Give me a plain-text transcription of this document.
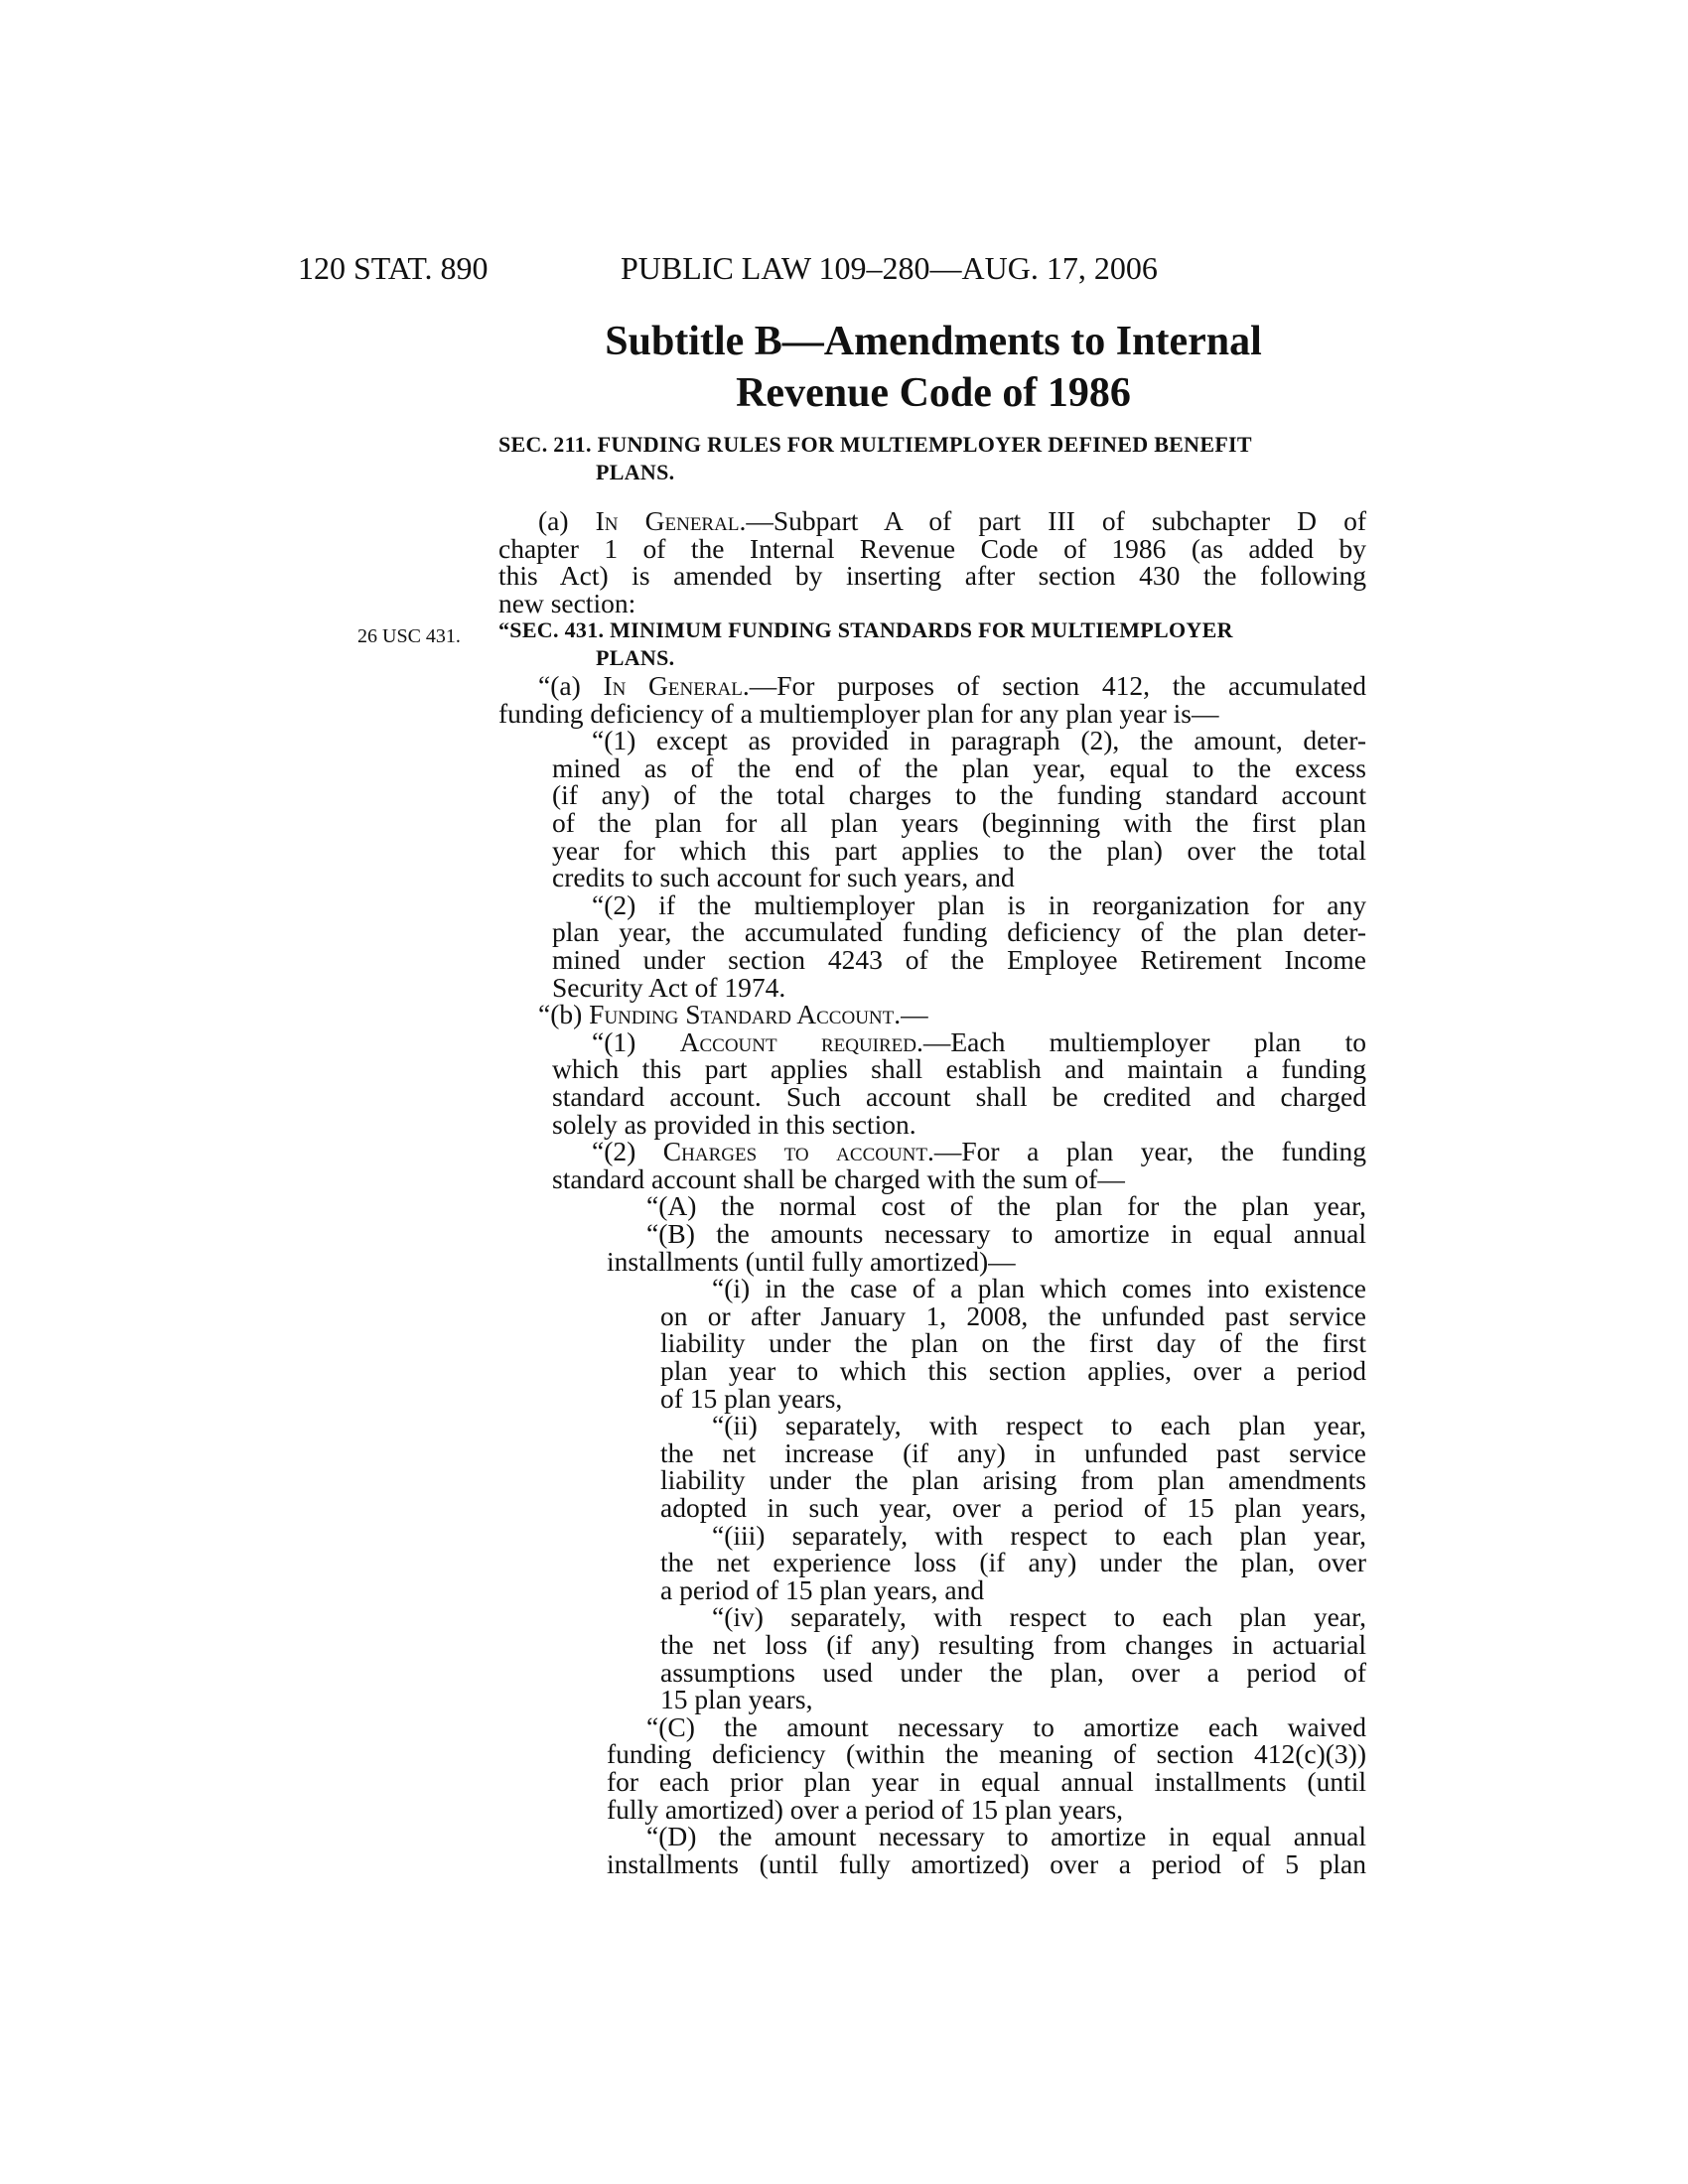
120 STAT. 890	PUBLIC LAW 109–280—AUG. 17, 2006
Subtitle B—Amendments to Internal
Revenue Code of 1986
SEC. 211. FUNDING RULES FOR MULTIEMPLOYER DEFINED BENEFIT
PLANS.
(a) In General.—Subpart A of part III of subchapter D of
chapter 1 of the Internal Revenue Code of 1986 (as added by
this Act) is amended by inserting after section 430 the following
new section:
26 USC 431. “SEC. 431. MINIMUM FUNDING STANDARDS FOR MULTIEMPLOYER
PLANS.
“(a) In General.—For purposes of section 412, the accumulated
funding deficiency of a multiemployer plan for any plan year is—
“(1) except as provided in paragraph (2), the amount, deter-
mined as of the end of the plan year, equal to the excess
(if any) of the total charges to the funding standard account
of the plan for all plan years (beginning with the first plan
year for which this part applies to the plan) over the total
credits to such account for such years, and
“(2) if the multiemployer plan is in reorganization for any
plan year, the accumulated funding deficiency of the plan deter-
mined under section 4243 of the Employee Retirement Income
Security Act of 1974.
“(b) Funding Standard Account.—
“(1) Account required.—Each multiemployer plan to
which this part applies shall establish and maintain a funding
standard account. Such account shall be credited and charged
solely as provided in this section.
“(2) Charges to account.—For a plan year, the funding
standard account shall be charged with the sum of—
“(A) the normal cost of the plan for the plan year,
“(B) the amounts necessary to amortize in equal annual
installments (until fully amortized)—
“(i) in the case of a plan which comes into existence
on or after January 1, 2008, the unfunded past service
liability under the plan on the first day of the first
plan year to which this section applies, over a period
of 15 plan years,
“(ii) separately, with respect to each plan year,
the net increase (if any) in unfunded past service
liability under the plan arising from plan amendments
adopted in such year, over a period of 15 plan years,
“(iii) separately, with respect to each plan year,
the net experience loss (if any) under the plan, over
a period of 15 plan years, and
“(iv) separately, with respect to each plan year,
the net loss (if any) resulting from changes in actuarial
assumptions used under the plan, over a period of
15 plan years,
“(C) the amount necessary to amortize each waived
funding deficiency (within the meaning of section 412(c)(3))
for each prior plan year in equal annual installments (until
fully amortized) over a period of 15 plan years,
“(D) the amount necessary to amortize in equal annual
installments (until fully amortized) over a period of 5 plan
